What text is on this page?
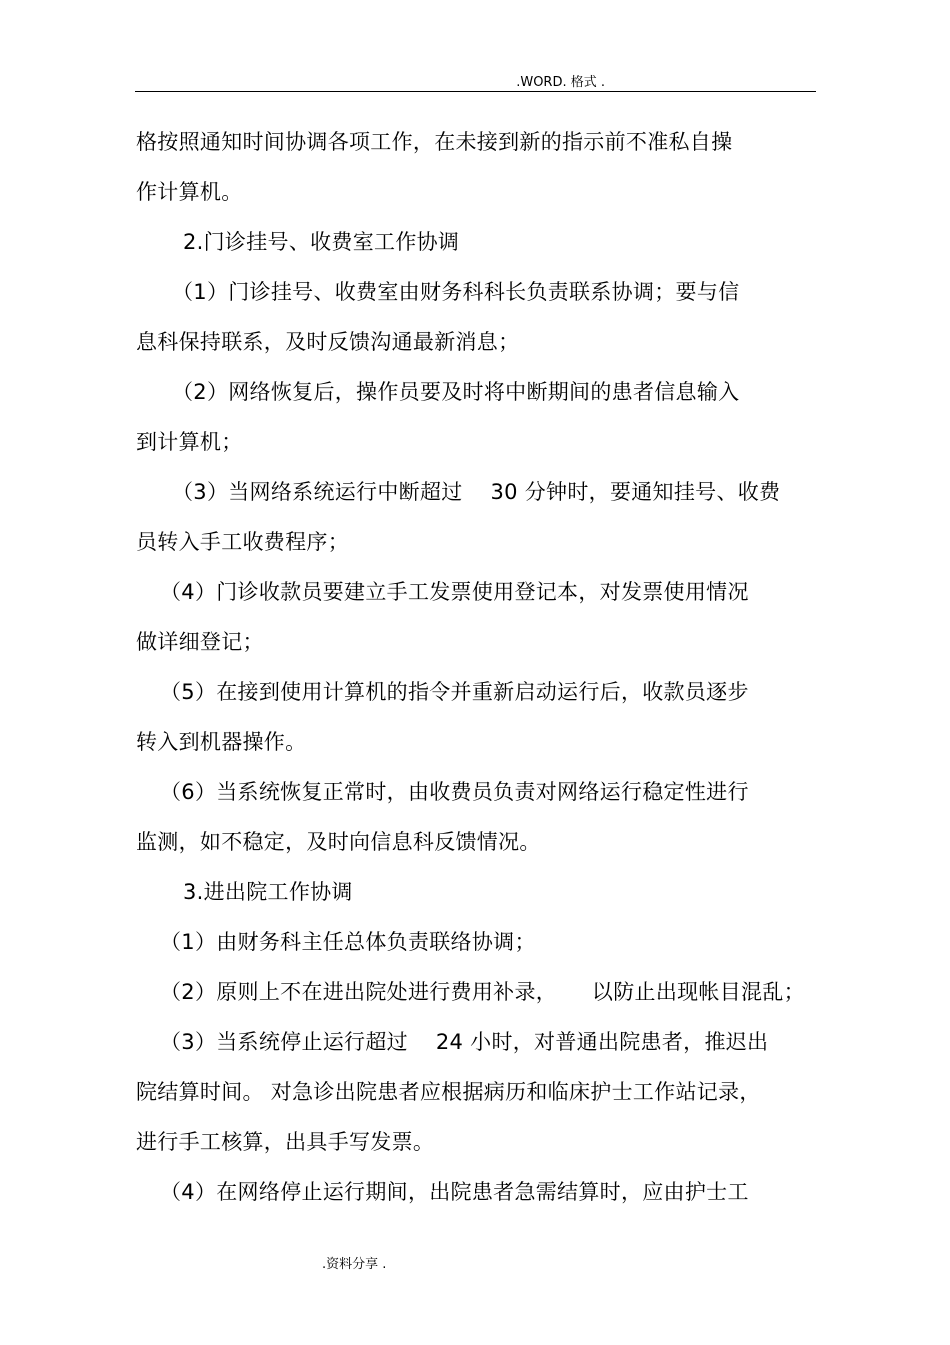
.WORD. 格式 .
格按照通知时间协调各项工作，在未接到新的指示前不准私自操
作计算机。
2.门诊挂号、收费室工作协调
（1）门诊挂号、收费室由财务科科长负责联系协调；要与信
息科保持联系，及时反馈沟通最新消息；
（2）网络恢复后，操作员要及时将中断期间的患者信息输入
到计算机；
（3）当网络系统运行中断超过    30 分钟时，要通知挂号、收费
员转入手工收费程序；
（4）门诊收款员要建立手工发票使用登记本，对发票使用情况
做详细登记；
（5）在接到使用计算机的指令并重新启动运行后，收款员逐步
转入到机器操作。
（6）当系统恢复正常时，由收费员负责对网络运行稳定性进行
监测，如不稳定，及时向信息科反馈情况。
3.进出院工作协调
（1）由财务科主任总体负责联络协调；
（2）原则上不在进出院处进行费用补录，     以防止出现帐目混乱；
（3）当系统停止运行超过    24 小时，对普通出院患者，推迟出
院结算时间。 对急诊出院患者应根据病历和临床护士工作站记录，
进行手工核算，出具手写发票。
（4）在网络停止运行期间，出院患者急需结算时，应由护士工
.资料分享 .
